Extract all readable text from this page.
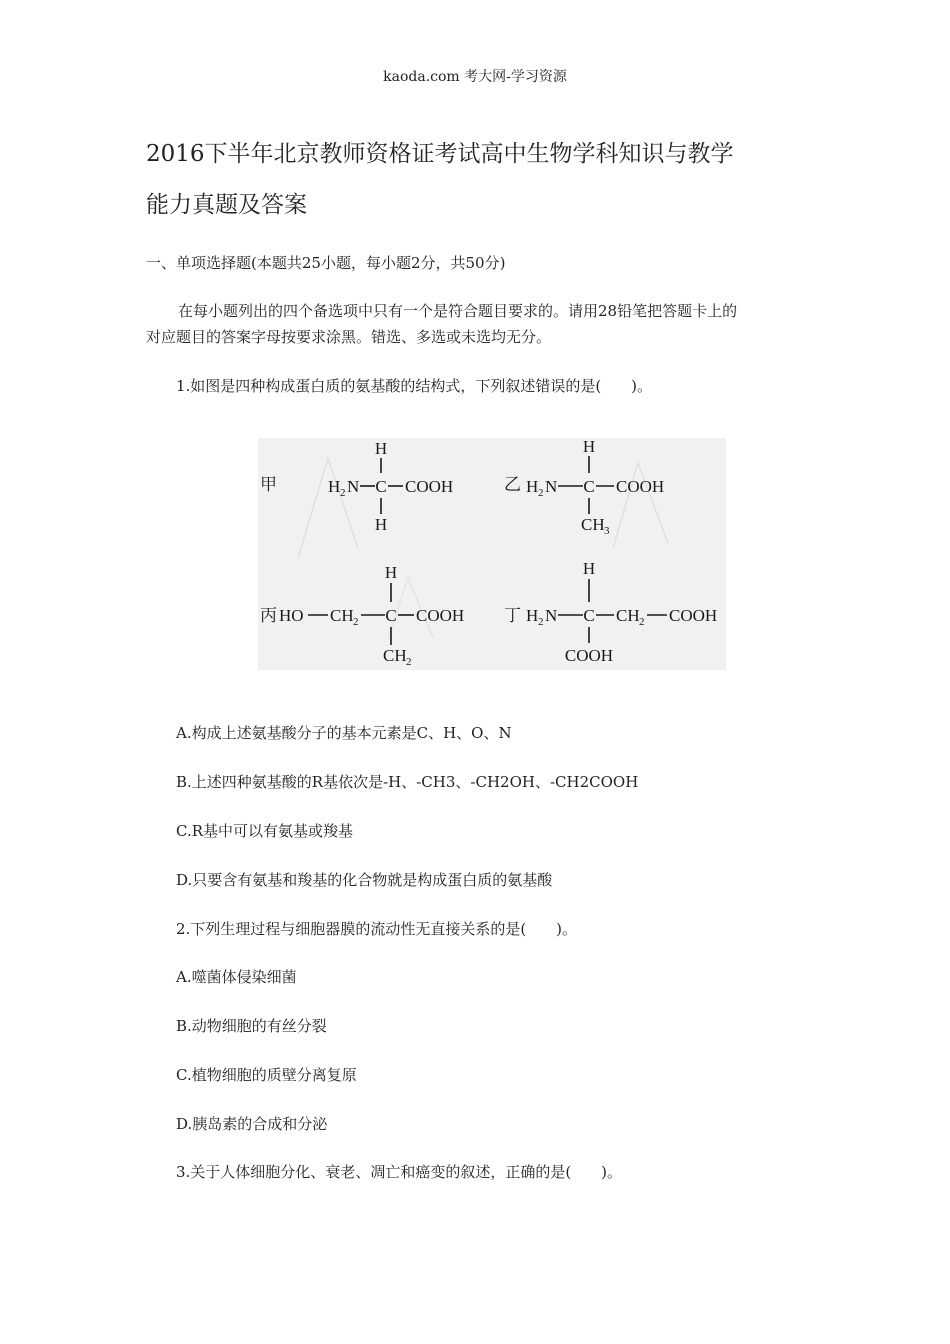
kaoda.com 考大网-学习资源
2016下半年北京教师资格证考试高中生物学科知识与教学
能力真题及答案
一、单项选择题(本题共25小题，每小题2分，共50分)
在每小题列出的四个备选项中只有一个是符合题目要求的。请用28铅笔把答题卡上的
对应题目的答案字母按要求涂黑。错选、多选或未选均无分。
1.如图是四种构成蛋白质的氨基酸的结构式，下列叙述错误的是(　　)。
甲
H
H 2 N C COOH
H
乙
H
H 2 N C COOH
CH 3
丙
H
HO CH 2 C COOH
CH 2
丁
H
H 2 N C CH 2 COOH
COOH
A.构成上述氨基酸分子的基本元素是C、H、O、N
B.上述四种氨基酸的R基依次是-H、-CH3、-CH2OH、-CH2COOH
C.R基中可以有氨基或羧基
D.只要含有氨基和羧基的化合物就是构成蛋白质的氨基酸
2.下列生理过程与细胞器膜的流动性无直接关系的是(　　)。
A.噬菌体侵染细菌
B.动物细胞的有丝分裂
C.植物细胞的质壁分离复原
D.胰岛素的合成和分泌
3.关于人体细胞分化、衰老、凋亡和癌变的叙述，正确的是(　　)。
